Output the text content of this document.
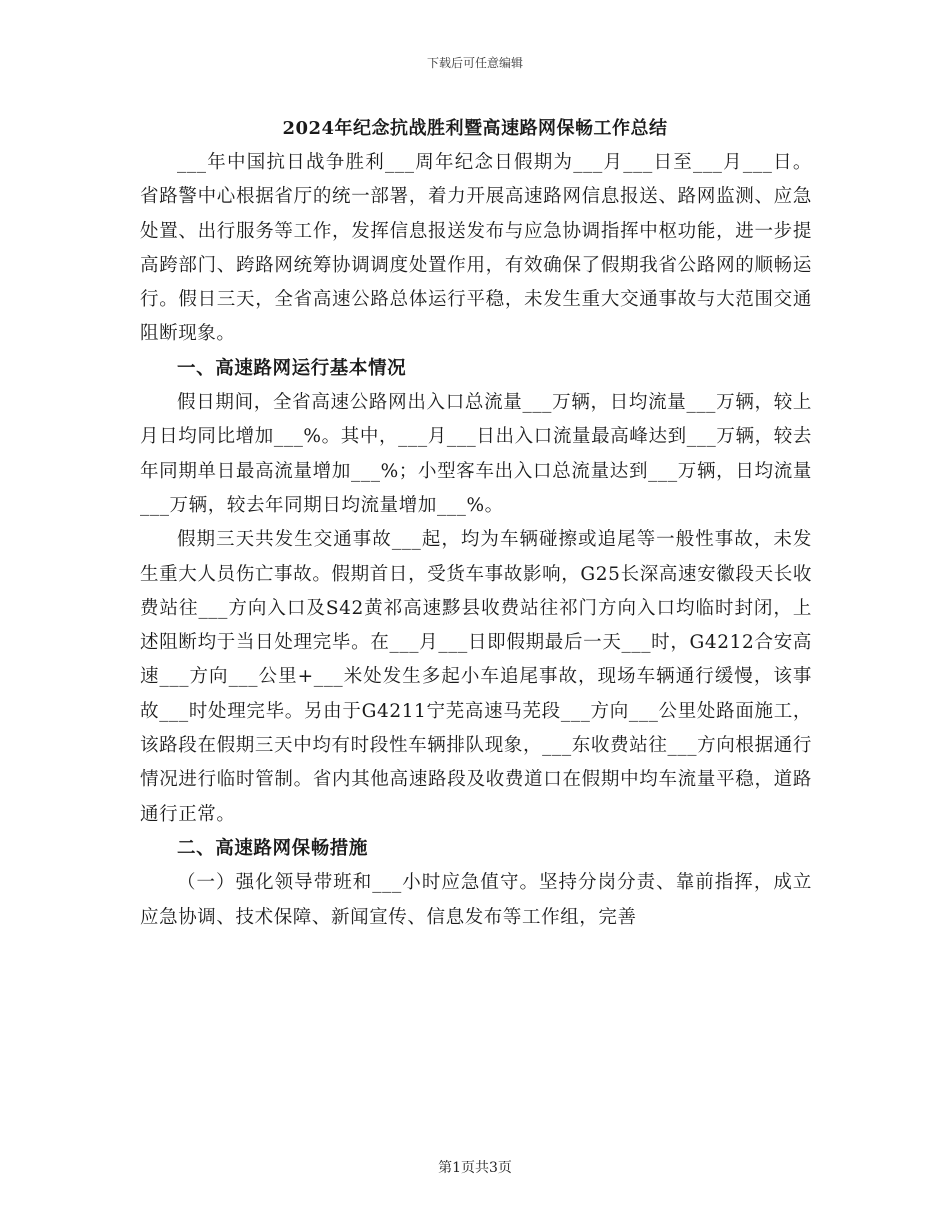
下载后可任意编辑
2024年纪念抗战胜利暨高速路网保畅工作总结

___年中国抗日战争胜利___周年纪念日假期为___月___日至___月___日。省路警中心根据省厅的统一部署，着力开展高速路网信息报送、路网监测、应急处置、出行服务等工作，发挥信息报送发布与应急协调指挥中枢功能，进一步提高跨部门、跨路网统筹协调调度处置作用，有效确保了假期我省公路网的顺畅运行。假日三天，全省高速公路总体运行平稳，未发生重大交通事故与大范围交通阻断现象。

一、高速路网运行基本情况

假日期间，全省高速公路网出入口总流量___万辆，日均流量___万辆，较上月日均同比增加___%。其中，___月___日出入口流量最高峰达到___万辆，较去年同期单日最高流量增加___%；小型客车出入口总流量达到___万辆，日均流量___万辆，较去年同期日均流量增加___%。

假期三天共发生交通事故___起，均为车辆碰擦或追尾等一般性事故，未发生重大人员伤亡事故。假期首日，受货车事故影响，G25长深高速安徽段天长收费站往___方向入口及S42黄祁高速黟县收费站往祁门方向入口均临时封闭，上述阻断均于当日处理完毕。在___月___日即假期最后一天___时，G4212合安高速___方向___公里+___米处发生多起小车追尾事故，现场车辆通行缓慢，该事故___时处理完毕。另由于G4211宁芜高速马芜段___方向___公里处路面施工，该路段在假期三天中均有时段性车辆排队现象，___东收费站往___方向根据通行情况进行临时管制。省内其他高速路段及收费道口在假期中均车流量平稳，道路通行正常。

二、高速路网保畅措施

（一）强化领导带班和___小时应急值守。坚持分岗分责、靠前指挥，成立应急协调、技术保障、新闻宣传、信息发布等工作组，完善

第1页共3页
